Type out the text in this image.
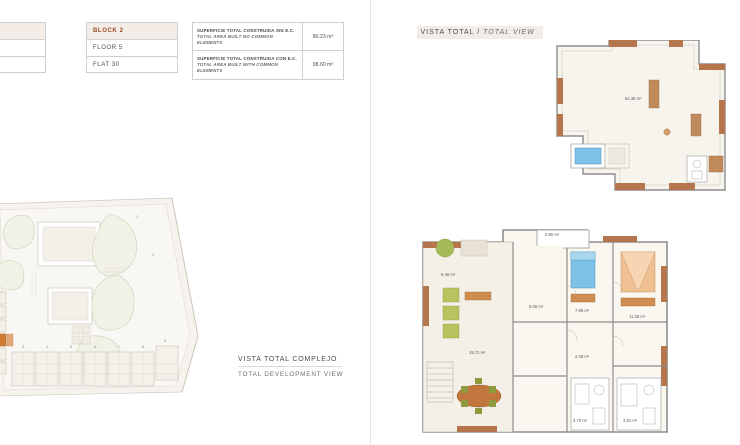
BLOCK 2
FLOOR 5
FLAT 30
SUPERFICIE TOTAL CONSTRUIDA SIN E.C.
TOTAL AREA BUILT NO COMMON ELEMENTS
80.23 m²
SUPERFICIE TOTAL CONSTRUIDA CON E.C.
TOTAL AREA BUILT WITH COMMON ELEMENTS
98.60 m²
3	4	5	6	7	8
9
1
2
VISTA TOTAL COMPLEJO
TOTAL DEVELOPMENT VIEW
VISTA TOTAL / TOTAL VIEW
64.36 m²
0.90 m²
6.46 m²
6.08 m²
7.96 m²
11.35 m²
19.72 m²
2.49 m²
3.70 m²	3.81 m²
